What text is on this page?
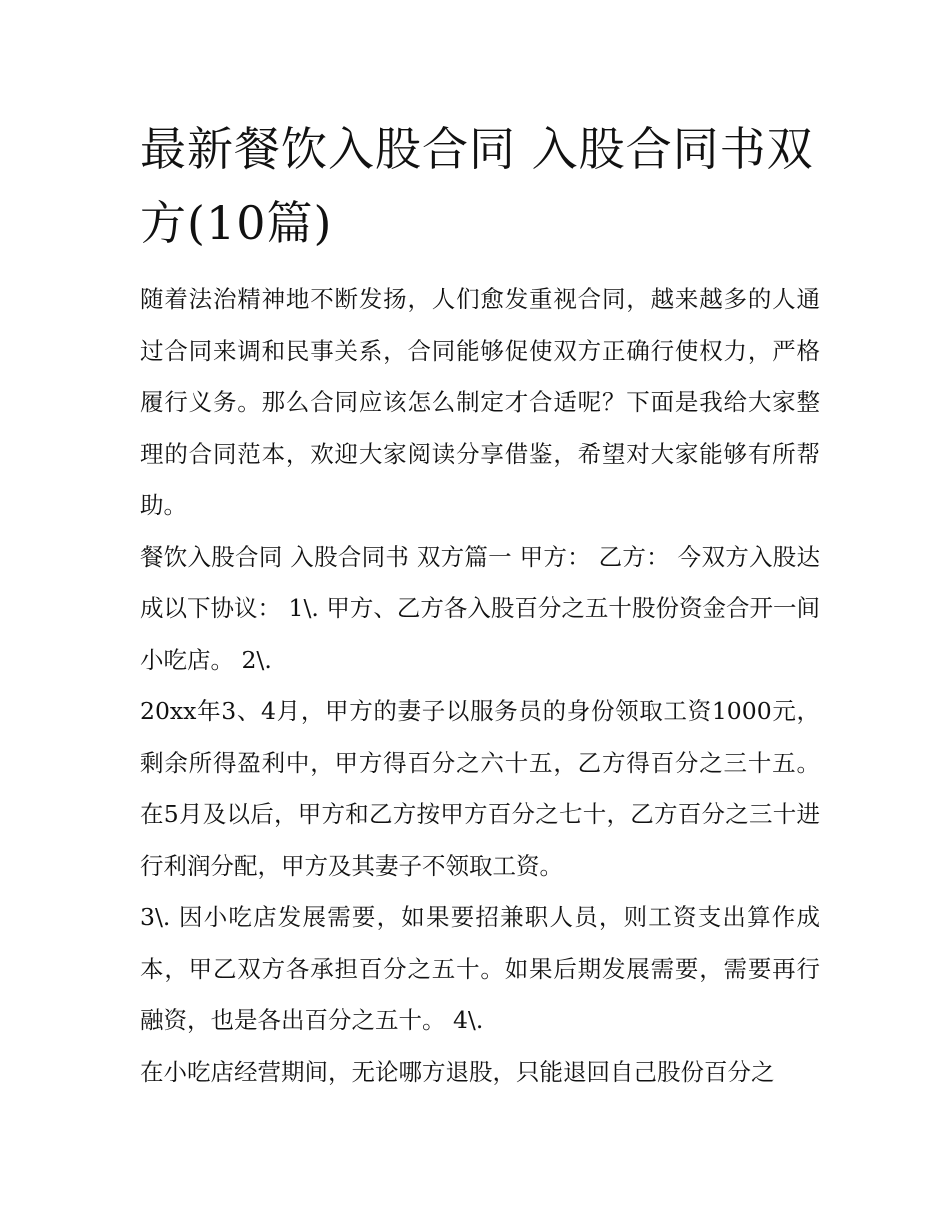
最新餐饮入股合同 入股合同书双方(10篇)

随着法治精神地不断发扬，人们愈发重视合同，越来越多的人通过合同来调和民事关系，合同能够促使双方正确行使权力，严格履行义务。那么合同应该怎么制定才合适呢？下面是我给大家整理的合同范本，欢迎大家阅读分享借鉴，希望对大家能够有所帮助。

餐饮入股合同 入股合同书 双方篇一 甲方： 乙方： 今双方入股达成以下协议： 1\. 甲方、乙方各入股百分之五十股份资金合开一间小吃店。 2\.

20xx年3、4月，甲方的妻子以服务员的身份领取工资1000元，剩余所得盈利中，甲方得百分之六十五，乙方得百分之三十五。在5月及以后，甲方和乙方按甲方百分之七十，乙方百分之三十进行利润分配，甲方及其妻子不领取工资。

3\. 因小吃店发展需要，如果要招兼职人员，则工资支出算作成本，甲乙双方各承担百分之五十。如果后期发展需要，需要再行融资，也是各出百分之五十。 4\.

在小吃店经营期间，无论哪方退股，只能退回自己股份百分之
